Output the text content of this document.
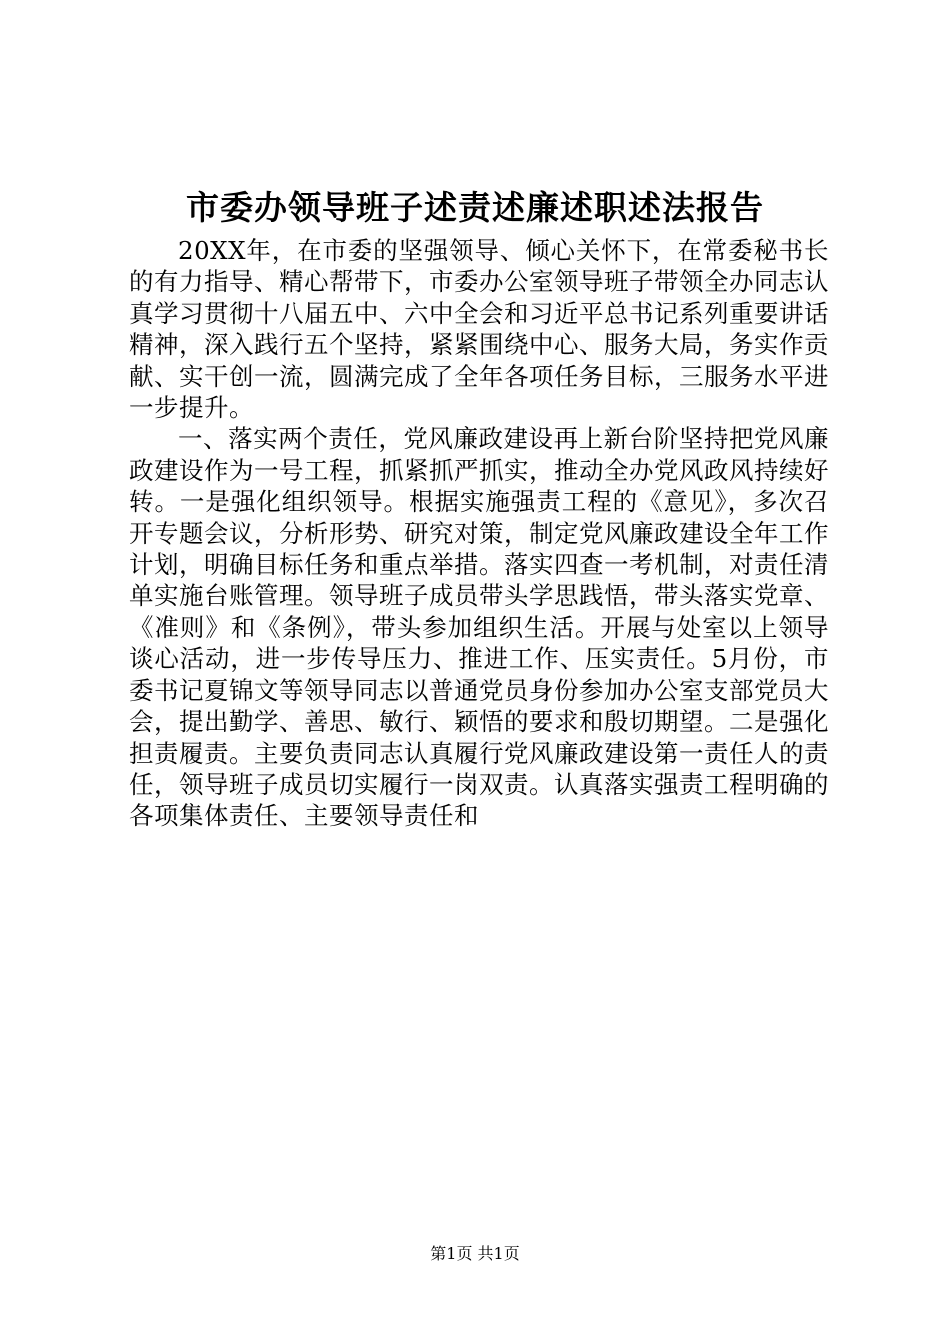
市委办领导班子述责述廉述职述法报告

20XX年，在市委的坚强领导、倾心关怀下，在常委秘书长的有力指导、精心帮带下，市委办公室领导班子带领全办同志认真学习贯彻十八届五中、六中全会和习近平总书记系列重要讲话精神，深入践行五个坚持，紧紧围绕中心、服务大局，务实作贡献、实干创一流，圆满完成了全年各项任务目标，三服务水平进一步提升。

一、落实两个责任，党风廉政建设再上新台阶坚持把党风廉政建设作为一号工程，抓紧抓严抓实，推动全办党风政风持续好转。一是强化组织领导。根据实施强责工程的《意见》，多次召开专题会议，分析形势、研究对策，制定党风廉政建设全年工作计划，明确目标任务和重点举措。落实四查一考机制，对责任清单实施台账管理。领导班子成员带头学思践悟，带头落实党章、《准则》和《条例》，带头参加组织生活。开展与处室以上领导谈心活动，进一步传导压力、推进工作、压实责任。5月份，市委书记夏锦文等领导同志以普通党员身份参加办公室支部党员大会，提出勤学、善思、敏行、颖悟的要求和殷切期望。二是强化担责履责。主要负责同志认真履行党风廉政建设第一责任人的责任，领导班子成员切实履行一岗双责。认真落实强责工程明确的各项集体责任、主要领导责任和

第1页 共1页
